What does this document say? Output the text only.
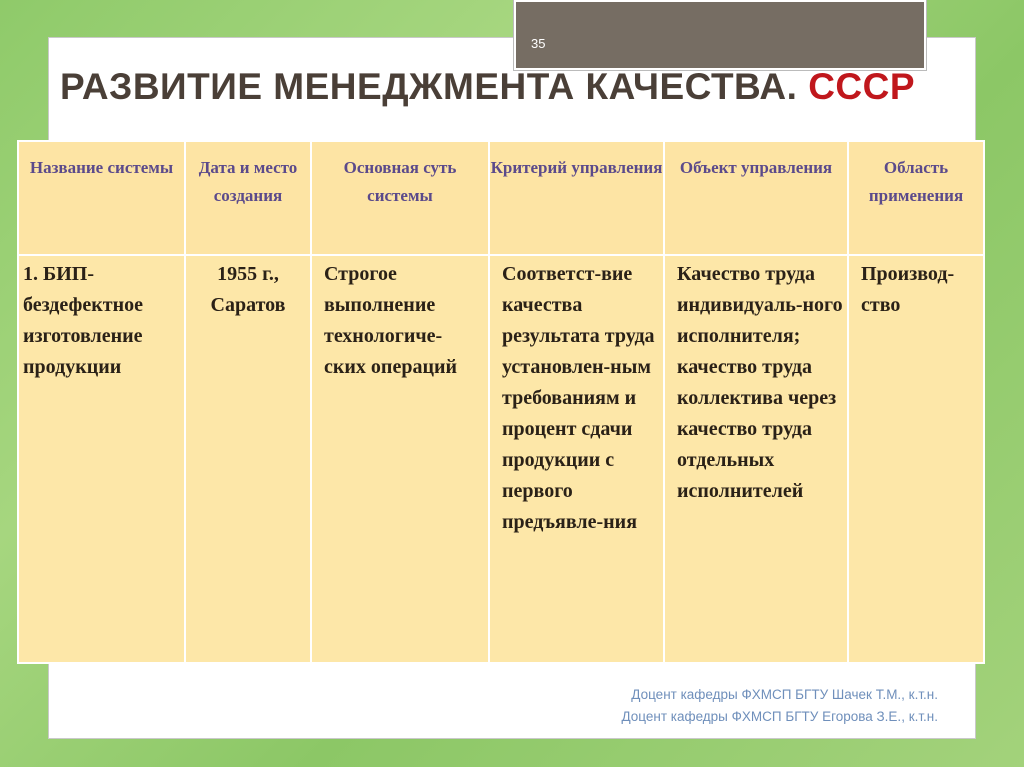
35
РАЗВИТИЕ МЕНЕДЖМЕНТА КАЧЕСТВА. СССР
Название системы	Дата и место создания	Основная суть системы	Критерий управления	Объект управления	Область применения
1. БИП-бездефектное изготовление продукции	1955 г., Саратов	Строгое выполнение технологиче-ских операций	Соответст-вие качества результата труда установлен-ным требованиям и процент сдачи продукции с первого предъявле-ния	Качество труда индивидуаль-ного исполнителя; качество труда коллектива через качество труда отдельных исполнителей	Производ-ство
Доцент кафедры ФХМСП БГТУ Шачек Т.М., к.т.н.
Доцент кафедры ФХМСП БГТУ Егорова З.Е., к.т.н.
